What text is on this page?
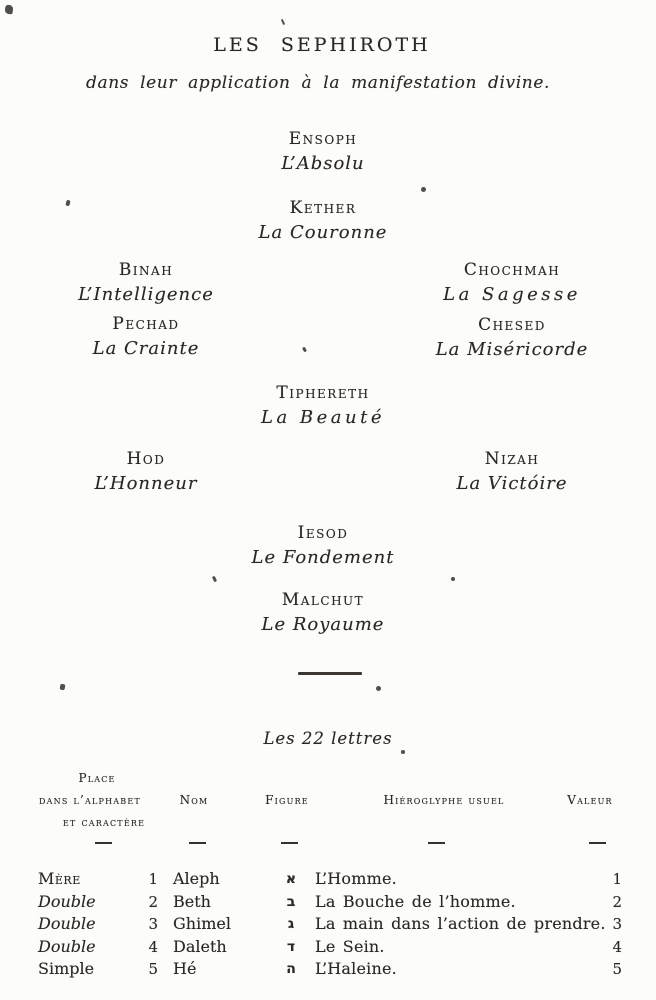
LES SEPHIROTH
dans leur application à la manifestation divine.
Ensoph
L’Absolu
Kether
La Couronne
Binah
L’Intelligence
Chochmah
La Sagesse
Pechad
La Crainte
Chesed
La Miséricorde
Tiphereth
La Beauté
Hod
L’Honneur
Nizah
La Victóire
Iesod
Le Fondement
Malchut
Le Royaume
Les 22 lettres
Place
dans l’alphabet
et caractère
Nom	Figure	Hiéroglyphe usuel	Valeur
Mère	1 Aleph	א	L’Homme.	1
Double	2 Beth	ב	La Bouche de l’homme.	2
Double	3 Ghimel	ג	La main dans l’action de prendre. 3
Double	4 Daleth	ד	Le Sein.	4
Simple	5 Hé	ה	L’Haleine.	5
